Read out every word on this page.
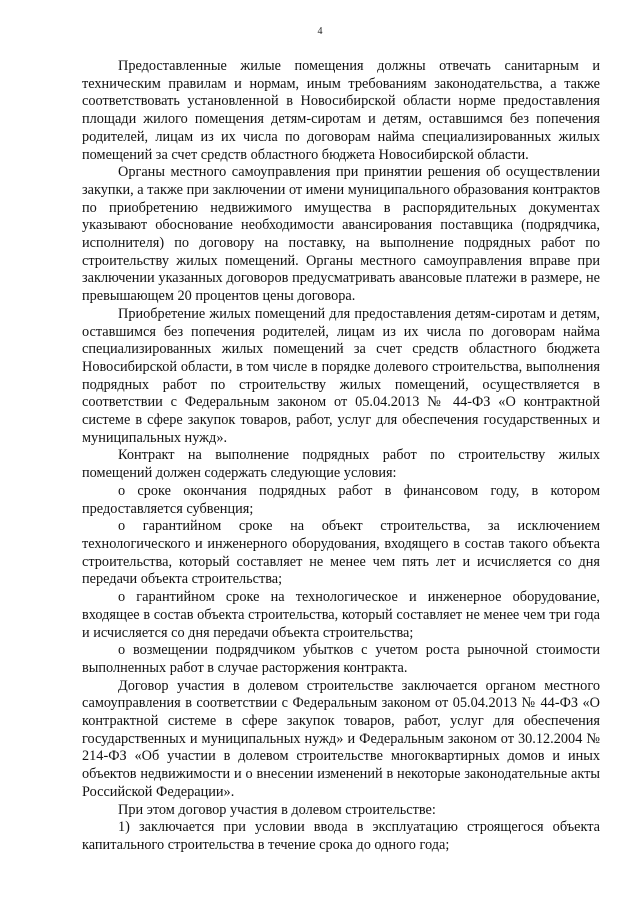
4

Предоставленные жилые помещения должны отвечать санитарным и техническим правилам и нормам, иным требованиям законодательства, а также соответствовать установленной в Новосибирской области норме предоставления площади жилого помещения детям-сиротам и детям, оставшимся без попечения родителей, лицам из их числа по договорам найма специализированных жилых помещений за счет средств областного бюджета Новосибирской области.

Органы местного самоуправления при принятии решения об осуществлении закупки, а также при заключении от имени муниципального образования контрактов по приобретению недвижимого имущества в распорядительных документах указывают обоснование необходимости авансирования поставщика (подрядчика, исполнителя) по договору на поставку, на выполнение подрядных работ по строительству жилых помещений. Органы местного самоуправления вправе при заключении указанных договоров предусматривать авансовые платежи в размере, не превышающем 20 процентов цены договора.

Приобретение жилых помещений для предоставления детям-сиротам и детям, оставшимся без попечения родителей, лицам из их числа по договорам найма специализированных жилых помещений за счет средств областного бюджета Новосибирской области, в том числе в порядке долевого строительства, выполнения подрядных работ по строительству жилых помещений, осуществляется в соответствии с Федеральным законом от 05.04.2013 № 44-ФЗ «О контрактной системе в сфере закупок товаров, работ, услуг для обеспечения государственных и муниципальных нужд».

Контракт на выполнение подрядных работ по строительству жилых помещений должен содержать следующие условия:

о сроке окончания подрядных работ в финансовом году, в котором предоставляется субвенция;

о гарантийном сроке на объект строительства, за исключением технологического и инженерного оборудования, входящего в состав такого объекта строительства, который составляет не менее чем пять лет и исчисляется со дня передачи объекта строительства;

о гарантийном сроке на технологическое и инженерное оборудование, входящее в состав объекта строительства, который составляет не менее чем три года и исчисляется со дня передачи объекта строительства;

о возмещении подрядчиком убытков с учетом роста рыночной стоимости выполненных работ в случае расторжения контракта.

Договор участия в долевом строительстве заключается органом местного самоуправления в соответствии с Федеральным законом от 05.04.2013 № 44-ФЗ «О контрактной системе в сфере закупок товаров, работ, услуг для обеспечения государственных и муниципальных нужд» и Федеральным законом от 30.12.2004 № 214-ФЗ «Об участии в долевом строительстве многоквартирных домов и иных объектов недвижимости и о внесении изменений в некоторые законодательные акты Российской Федерации».

При этом договор участия в долевом строительстве:

1) заключается при условии ввода в эксплуатацию строящегося объекта капитального строительства в течение срока до одного года;
